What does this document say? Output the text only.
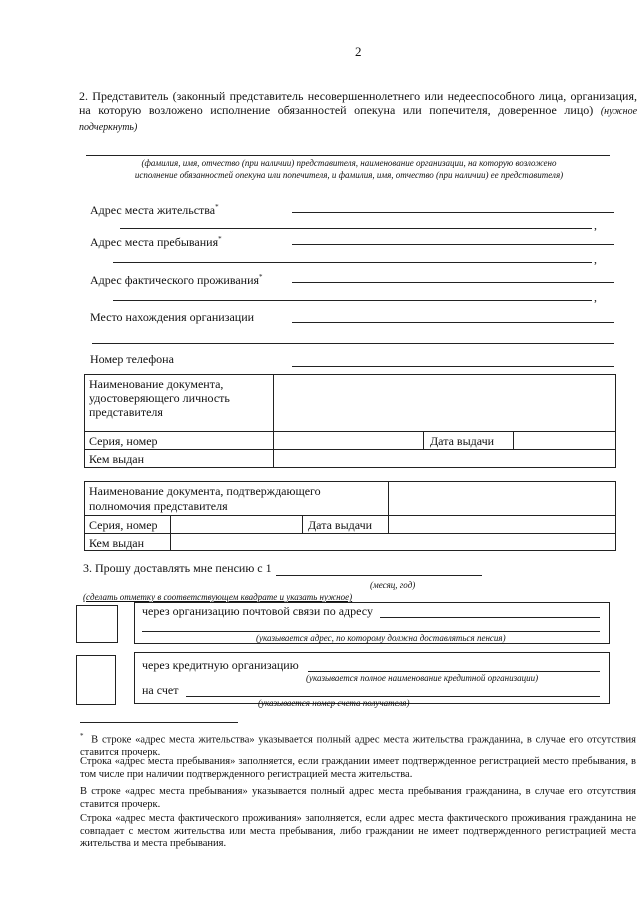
2
2. Представитель (законный представитель несовершеннолетнего или недееспособного лица, организация, на которую возложено исполнение обязанностей опекуна или попечителя, доверенное лицо) (нужное подчеркнуть)
(фамилия, имя, отчество (при наличии) представителя, наименование организации, на которую возложено
исполнение обязанностей опекуна или попечителя, и фамилия, имя, отчество (при наличии) ее представителя)
Адрес места жительства*
,
Адрес места пребывания*
,
Адрес фактического проживания*
,
Место нахождения организации
Номер телефона
Наименование документа,
удостоверяющего личность
представителя
Серия, номер	Дата выдачи
Кем выдан
Наименование документа, подтверждающего
полномочия представителя
Серия, номер	Дата выдачи
Кем выдан
3. Прошу доставлять мне пенсию с 1
(месяц, год)
(сделать отметку в соответствующем квадрате и указать нужное)
через организацию почтовой связи по адресу
(указывается адрес, по которому должна доставляться пенсия)
через кредитную организацию
(указывается полное наименование кредитной организации)
на счет
(указывается номер счета получателя)
* В строке «адрес места жительства» указывается полный адрес места жительства гражданина, в случае его отсутствия ставится прочерк.
Строка «адрес места пребывания» заполняется, если граждании имеет подтвержденное регистрацией место пребывания, в том числе при наличии подтвержденного регистрацией места жительства.
В строке «адрес места пребывания» указывается полный адрес места пребывания гражданина, в случае его отсутствия ставится прочерк.
Строка «адрес места фактического проживания» заполняется, если адрес места фактического проживания гражданина не совпадает с местом жительства или места пребывания, либо граждании не имеет подтвержденного регистрацией места жительства и места пребывания.
